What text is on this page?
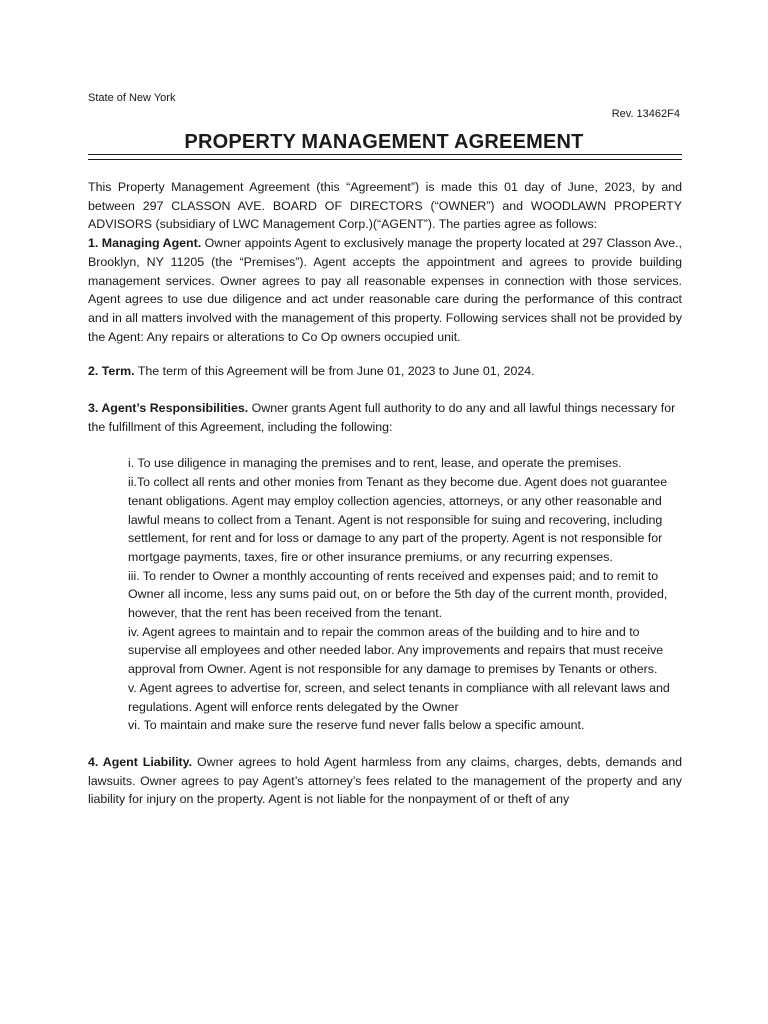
State of New York
Rev. 13462F4
PROPERTY MANAGEMENT AGREEMENT

This Property Management Agreement (this “Agreement”) is made this 01 day of June, 2023, by and between 297 CLASSON AVE. BOARD OF DIRECTORS (“OWNER”) and WOODLAWN PROPERTY ADVISORS (subsidiary of LWC Management Corp.)(“AGENT”). The parties agree as follows:

1. Managing Agent. Owner appoints Agent to exclusively manage the property located at 297 Classon Ave., Brooklyn, NY 11205 (the “Premises”). Agent accepts the appointment and agrees to provide building management services. Owner agrees to pay all reasonable expenses in connection with those services. Agent agrees to use due diligence and act under reasonable care during the performance of this contract and in all matters involved with the management of this property. Following services shall not be provided by the Agent: Any repairs or alterations to Co Op owners occupied unit.

2. Term. The term of this Agreement will be from June 01, 2023 to June 01, 2024.

3. Agent’s Responsibilities. Owner grants Agent full authority to do any and all lawful things necessary for the fulfillment of this Agreement, including the following:

i. To use diligence in managing the premises and to rent, lease, and operate the premises.

ii.To collect all rents and other monies from Tenant as they become due. Agent does not guarantee tenant obligations. Agent may employ collection agencies, attorneys, or any other reasonable and lawful means to collect from a Tenant. Agent is not responsible for suing and recovering, including settlement, for rent and for loss or damage to any part of the property. Agent is not responsible for mortgage payments, taxes, fire or other insurance premiums, or any recurring expenses.

iii. To render to Owner a monthly accounting of rents received and expenses paid; and to remit to Owner all income, less any sums paid out, on or before the 5th day of the current month, provided, however, that the rent has been received from the tenant.

iv. Agent agrees to maintain and to repair the common areas of the building and to hire and to supervise all employees and other needed labor. Any improvements and repairs that must receive approval from Owner. Agent is not responsible for any damage to premises by Tenants or others.

v. Agent agrees to advertise for, screen, and select tenants in compliance with all relevant laws and regulations. Agent will enforce rents delegated by the Owner

vi. To maintain and make sure the reserve fund never falls below a specific amount.

4. Agent Liability. Owner agrees to hold Agent harmless from any claims, charges, debts, demands and lawsuits. Owner agrees to pay Agent’s attorney’s fees related to the management of the property and any liability for injury on the property. Agent is not liable for the nonpayment of or theft of any
